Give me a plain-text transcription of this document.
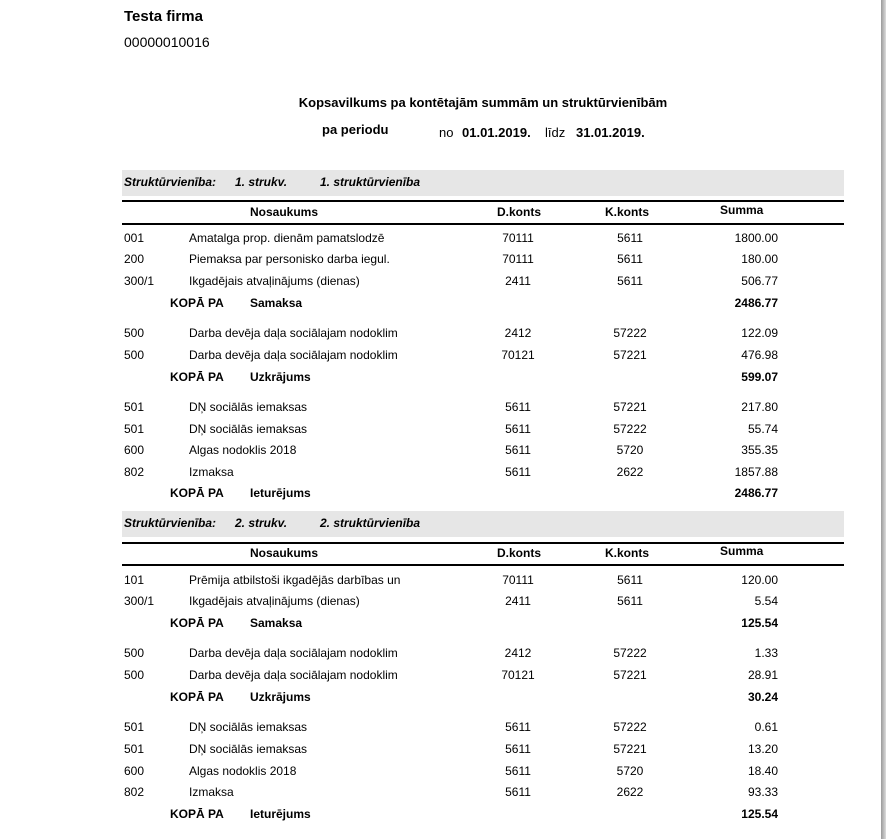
Testa firma
00000010016
Kopsavilkums pa kontētajām summām un struktūrvienībām
pa periodu	no 01.01.2019. līdz 31.01.2019.
Struktūrvienība: 1. strukv.	1. struktūrvienība
Nosaukums	D.konts	K.konts	Summa
001	Amatalga prop. dienām pamatslodzē	70111	5611	1800.00
200	Piemaksa par personisko darba iegul.	70111	5611	180.00
300/1	Ikgadējais atvaļinājums (dienas)	2411	5611	506.77
KOPĀ PA Samaksa	2486.77
500	Darba devēja daļa sociālajam nodoklim	2412	57222	122.09
500	Darba devēja daļa sociālajam nodoklim	70121	57221	476.98
KOPĀ PA Uzkrājums	599.07
501	DŅ sociālās iemaksas	5611	57221	217.80
501	DŅ sociālās iemaksas	5611	57222	55.74
600	Algas nodoklis 2018	5611	5720	355.35
802	Izmaksa	5611	2622	1857.88
KOPĀ PA Ieturējums	2486.77
Struktūrvienība: 2. strukv.	2. struktūrvienība
Nosaukums	D.konts	K.konts	Summa
101	Prēmija atbilstoši ikgadējās darbības un	70111	5611	120.00
300/1	Ikgadējais atvaļinājums (dienas)	2411	5611	5.54
KOPĀ PA Samaksa	125.54
500	Darba devēja daļa sociālajam nodoklim	2412	57222	1.33
500	Darba devēja daļa sociālajam nodoklim	70121	57221	28.91
KOPĀ PA Uzkrājums	30.24
501	DŅ sociālās iemaksas	5611	57222	0.61
501	DŅ sociālās iemaksas	5611	57221	13.20
600	Algas nodoklis 2018	5611	5720	18.40
802	Izmaksa	5611	2622	93.33
KOPĀ PA Ieturējums	125.54
